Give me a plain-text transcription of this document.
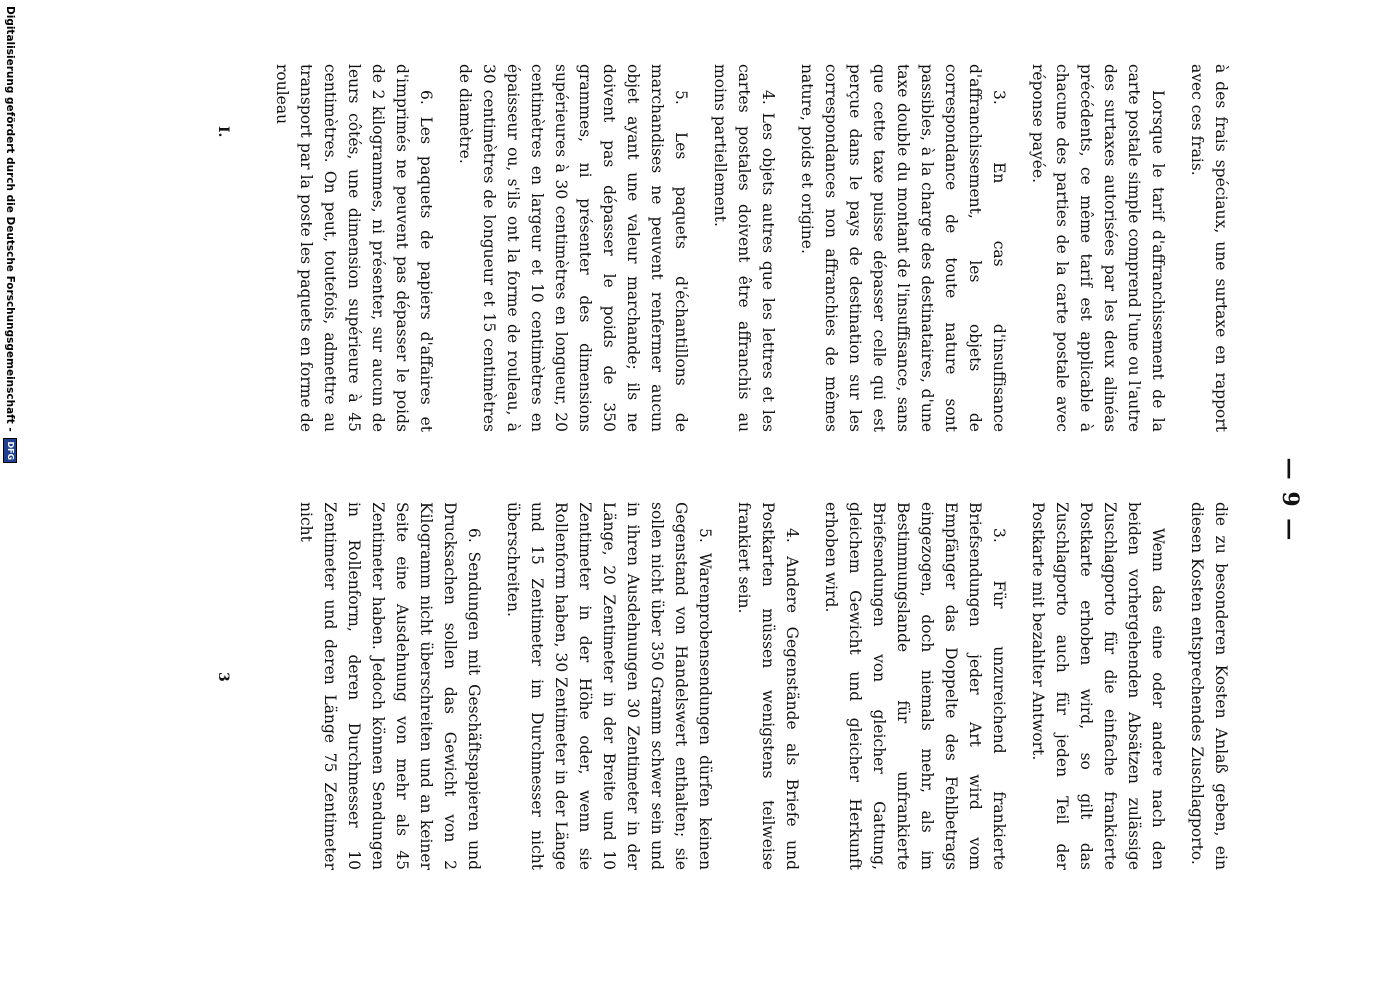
— 9 —

à des frais spéciaux, une surtaxe en rapport avec ces frais.

Lorsque le tarif d'affranchissement de la carte postale simple comprend l'une ou l'autre des surtaxes autorisées par les deux alinéas précédents, ce même tarif est applicable à chacune des parties de la carte postale avec réponse payée.

3. En cas d'insuffisance d'affranchissement, les objets de correspondance de toute nature sont passibles, à la charge des destinataires, d'une taxe double du montant de l'insuffisance, sans que cette taxe puisse dépasser celle qui est perçue dans le pays de destination sur les correspondances non affranchies de mêmes nature, poids et origine.

4. Les objets autres que les lettres et les cartes postales doivent être affranchis au moins partiellement.

5. Les paquets d'échantillons de marchandises ne peuvent renfermer aucun objet ayant une valeur marchande; ils ne doivent pas dépasser le poids de 350 grammes, ni présenter des dimensions supérieures à 30 centimètres en longueur, 20 centimètres en largeur et 10 centimètres en épaisseur ou, s'ils ont la forme de rouleau, à 30 centimètres de longueur et 15 centimètres de diamètre.

6. Les paquets de papiers d'affaires et d'imprimés ne peuvent pas dépasser le poids de 2 kilogrammes, ni présenter, sur aucun de leurs côtés, une dimension supérieure à 45 centimètres. On peut, toutefois, admettre au transport par la poste les paquets en forme de rouleau

die zu besonderen Kosten Anlaß geben, ein diesen Kosten entsprechendes Zuschlagporto.

Wenn das eine oder andere nach den beiden vorhergehenden Absätzen zulässige Zuschlagporto für die einfache frankierte Postkarte erhoben wird, so gilt das Zuschlagporto auch für jeden Teil der Postkarte mit bezahlter Antwort.

3. Für unzureichend frankierte Briefsendungen jeder Art wird vom Empfänger das Doppelte des Fehlbetrags eingezogen, doch niemals mehr, als im Bestimmungslande für unfrankierte Briefsendungen von gleicher Gattung, gleichem Gewicht und gleicher Herkunft erhoben wird.

4. Andere Gegenstände als Briefe und Postkarten müssen wenigstens teilweise frankiert sein.

5. Warenprobensendungen dürfen keinen Gegenstand von Handelswert enthalten; sie sollen nicht über 350 Gramm schwer sein und in ihren Ausdehnungen 30 Zentimeter in der Länge, 20 Zentimeter in der Breite und 10 Zentimeter in der Höhe oder, wenn sie Rollenform haben, 30 Zentimeter in der Länge und 15 Zentimeter im Durchmesser nicht überschreiten.

6. Sendungen mit Geschäftspapieren und Drucksachen sollen das Gewicht von 2 Kilogramm nicht überschreiten und an keiner Seite eine Ausdehnung von mehr als 45 Zentimeter haben. Jedoch können Sendungen in Rollenform, deren Durchmesser 10 Zentimeter und deren Länge 75 Zentimeter nicht

I.
3
Digitalisierung gefördert durch die Deutsche Forschungsgemeinschaft - DFG
